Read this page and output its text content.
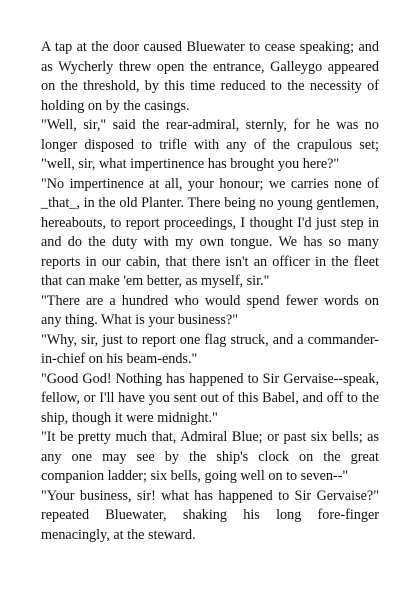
A tap at the door caused Bluewater to cease speaking; and as Wycherly threw open the entrance, Galleygo appeared on the threshold, by this time reduced to the necessity of holding on by the casings.

"Well, sir," said the rear-admiral, sternly, for he was no longer disposed to trifle with any of the crapulous set; "well, sir, what impertinence has brought you here?"

"No impertinence at all, your honour; we carries none of _that_, in the old Planter. There being no young gentlemen, hereabouts, to report proceedings, I thought I'd just step in and do the duty with my own tongue. We has so many reports in our cabin, that there isn't an officer in the fleet that can make 'em better, as myself, sir."

"There are a hundred who would spend fewer words on any thing. What is your business?"

"Why, sir, just to report one flag struck, and a commander-in-chief on his beam-ends."

"Good God! Nothing has happened to Sir Gervaise--speak, fellow, or I'll have you sent out of this Babel, and off to the ship, though it were midnight."

"It be pretty much that, Admiral Blue; or past six bells; as any one may see by the ship's clock on the great companion ladder; six bells, going well on to seven--"

"Your business, sir! what has happened to Sir Gervaise?" repeated Bluewater, shaking his long fore-finger menacingly, at the steward.
